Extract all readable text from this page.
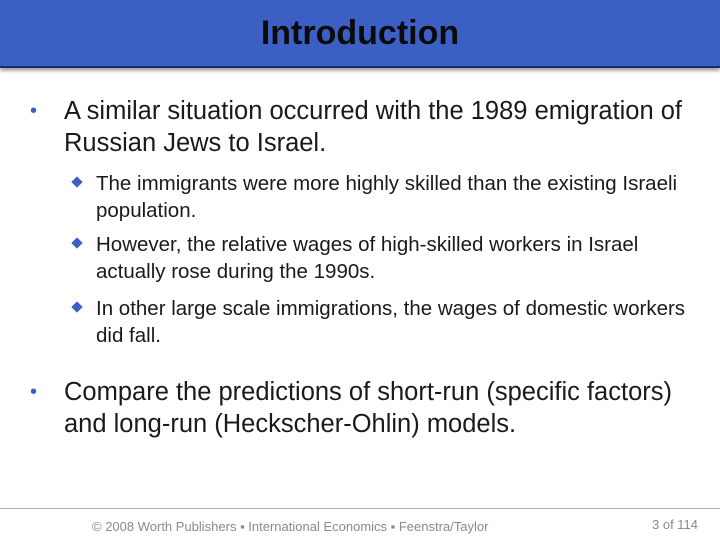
Introduction
• A similar situation occurred with the 1989 emigration of Russian Jews to Israel.
The immigrants were more highly skilled than the existing Israeli population.
However, the relative wages of high-skilled workers in Israel actually rose during the 1990s.
In other large scale immigrations, the wages of domestic workers did fall.
• Compare the predictions of short-run (specific factors) and long-run (Heckscher-Ohlin) models.
© 2008 Worth Publishers ▪ International Economics ▪ Feenstra/Taylor	3 of 114
